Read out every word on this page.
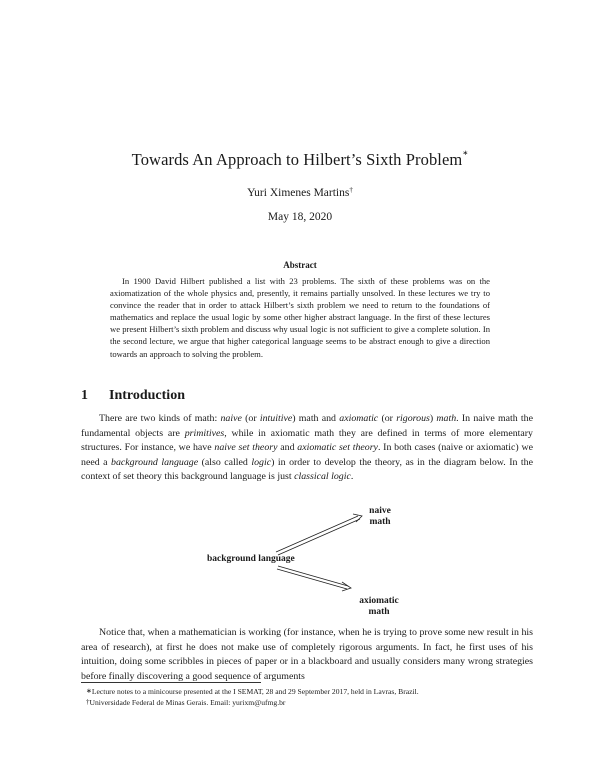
Towards An Approach to Hilbert’s Sixth Problem∗
Yuri Ximenes Martins†
May 18, 2020
Abstract
In 1900 David Hilbert published a list with 23 problems. The sixth of these problems was on the axiomatization of the whole physics and, presently, it remains partially unsolved. In these lectures we try to convince the reader that in order to attack Hilbert’s sixth problem we need to return to the foundations of mathematics and replace the usual logic by some other higher abstract language. In the first of these lectures we present Hilbert’s sixth problem and discuss why usual logic is not sufficient to give a complete solution. In the second lecture, we argue that higher categorical language seems to be abstract enough to give a direction towards an approach to solving the problem.
1 Introduction
There are two kinds of math: naive (or intuitive) math and axiomatic (or rigorous) math. In naive math the fundamental objects are primitives, while in axiomatic math they are defined in terms of more elementary structures. For instance, we have naive set theory and axiomatic set theory. In both cases (naive or axiomatic) we need a background language (also called logic) in order to develop the theory, as in the diagram below. In the context of set theory this background language is just classical logic.
naive
math
background language
axiomatic
math
Notice that, when a mathematician is working (for instance, when he is trying to prove some new result in his area of research), at first he does not make use of completely rigorous arguments. In fact, he first uses of his intuition, doing some scribbles in pieces of paper or in a blackboard and usually considers many wrong strategies before finally discovering a good sequence of arguments
∗Lecture notes to a minicourse presented at the I SEMAT, 28 and 29 September 2017, held in Lavras, Brazil.
†Universidade Federal de Minas Gerais. Email: yurixm@ufmg.br
